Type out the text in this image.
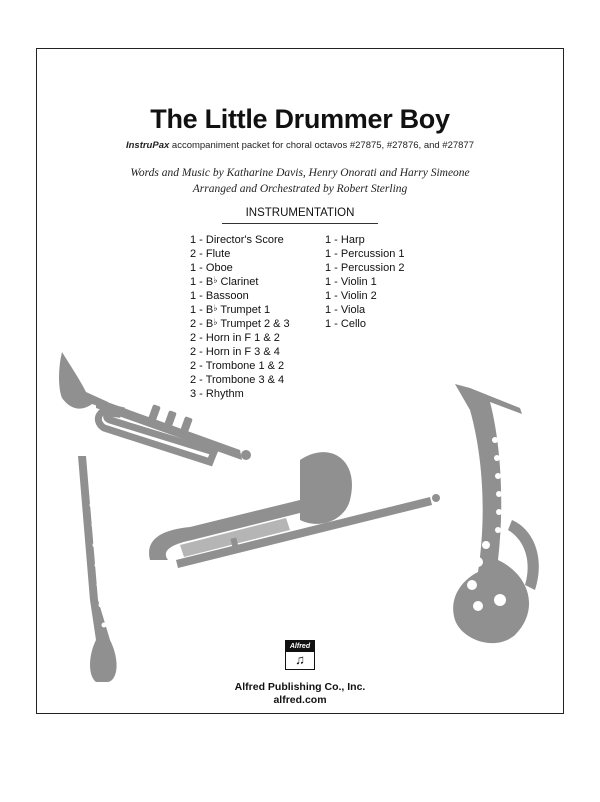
The Little Drummer Boy
InstruPax accompaniment packet for choral octavos #27875, #27876, and #27877
Words and Music by Katharine Davis, Henry Onorati and Harry Simeone
Arranged and Orchestrated by Robert Sterling
INSTRUMENTATION
1 - Director's Score
2 - Flute
1 - Oboe
1 - B♭ Clarinet
1 - Bassoon
1 - B♭ Trumpet 1
2 - B♭ Trumpet 2 & 3
2 - Horn in F 1 & 2
2 - Horn in F 3 & 4
2 - Trombone 1 & 2
2 - Trombone 3 & 4
3 - Rhythm
1 - Harp
1 - Percussion 1
1 - Percussion 2
1 - Violin 1
1 - Violin 2
1 - Viola
1 - Cello
Alfred
♫
Alfred Publishing Co., Inc.
alfred.com
